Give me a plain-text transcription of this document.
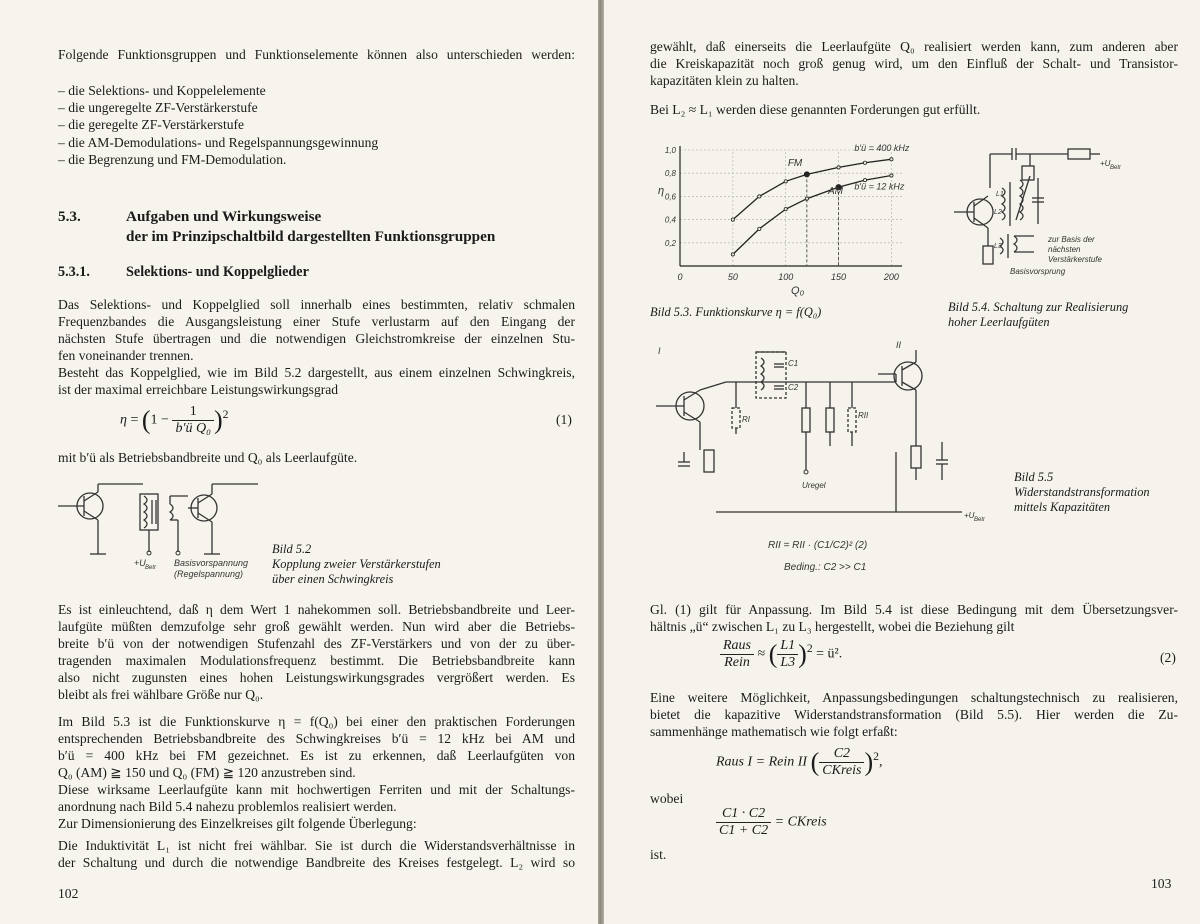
Folgende Funktionsgruppen und Funktionselemente können also unterschieden werden:

– die Selektions- und Koppelelemente
– die ungeregelte ZF-Verstärkerstufe
– die geregelte ZF-Verstärkerstufe
– die AM-Demodulations- und Regelspannungsgewinnung
– die Begrenzung und FM-Demodulation.
5.3.	Aufgaben und Wirkungsweise
der im Prinzipschaltbild dargestellten Funktionsgruppen
5.3.1.	Selektions- und Koppelglieder

Das Selektions- und Koppelglied soll innerhalb eines bestimmten, relativ schmalen

Frequenzbandes die Ausgangsleistung einer Stufe verlustarm auf den Eingang der

nächsten Stufe übertragen und die notwendigen Gleichstromkreise der einzelnen Stu-

fen voneinander trennen.

Besteht das Koppelglied, wie im Bild 5.2 dargestellt, aus einem einzelnen Schwingkreis,

ist der maximal erreichbare Leistungswirkungsgrad

$\eta = (1 - \frac{1}{\text{b′ü Q₀}} )^2$	(1)

mit b′ü als Betriebsbandbreite und Q₀ als Leerlaufgüte.

+U Betr Basisvorspannung
(Regelspannung)
Bild 5.2
Kopplung zweier Verstärkerstufen
über einen Schwingkreis

Es ist einleuchtend, daß η dem Wert 1 nahekommen soll. Betriebsbandbreite und Leer-

laufgüte müßten demzufolge sehr groß gewählt werden. Nun wird aber die Betriebs-

breite b′ü von der notwendigen Stufenzahl des ZF-Verstärkers und von der zu über-

tragenden maximalen Modulationsfrequenz bestimmt. Die Betriebsbandbreite kann

also nicht zugunsten eines hohen Leistungswirkungsgrades vergrößert werden. Es

bleibt als frei wählbare Größe nur Q₀.

Im Bild 5.3 ist die Funktionskurve η = f(Q₀) bei einer den praktischen Forderungen

entsprechenden Betriebsbandbreite des Schwingkreises b′ü = 12 kHz bei AM und

b′ü = 400 kHz bei FM gezeichnet. Es ist zu erkennen, daß Leerlaufgüten von

Q₀ (AM) ≧ 150 und Q₀ (FM) ≧ 120 anzustreben sind.

Diese wirksame Leerlaufgüte kann mit hochwertigen Ferriten und mit der Schaltungs-

anordnung nach Bild 5.4 nahezu problemlos realisiert werden.

Zur Dimensionierung des Einzelkreises gilt folgende Überlegung:

Die Induktivität L₁ ist nicht frei wählbar. Sie ist durch die Widerstandsverhältnisse in

der Schaltung und durch die notwendige Bandbreite des Kreises festgelegt. L₂ wird so

102

gewählt, daß einerseits die Leerlaufgüte Q₀ realisiert werden kann, zum anderen aber

die Kreiskapazität noch groß genug wird, um den Einfluß der Schalt- und Transistor-

kapazitäten klein zu halten.

Bei L₂ ≈ L₁ werden diese genannten Forderungen gut erfüllt.

0	50	100	150	200
0,2
0,4
0,6
0,8
1,0
η
Q₀
FM
AM
b′ü = 400 kHz
b′ü = 12 kHz
Bild 5.3. Funktionskurve η = f(Q₀)
+U Betr
L1
L2
L3
zur Basis der
nächsten
Verstärkerstufe
Basisvorsprung
Bild 5.4. Schaltung zur Realisierung
hoher Leerlaufgüten
I
II
C1
C2
RI	RII
Uregel
+U Betr
RII = RII · (C1/C2)² (2)
Beding.: C2 >> C1
Bild 5.5
Widerstandstransformation
mittels Kapazitäten

Gl. (1) gilt für Anpassung. Im Bild 5.4 ist diese Bedingung mit dem Übersetzungsver-

hältnis „ü“ zwischen L₁ zu L₃ hergestellt, wobei die Beziehung gilt

$\frac{\text{Raus}}{\text{Rein}}$ ≈ ( $\frac{L1}{L3} )^2$ = ü².	(2)

Eine weitere Möglichkeit, Anpassungsbedingungen schaltungstechnisch zu realisieren,

bietet die kapazitive Widerstandstransformation (Bild 5.5). Hier werden die Zu-

sammenhänge mathematisch wie folgt erfaßt:

Raus I = Rein II ( $\frac{C2}{\text{CKreis}} )^2$,

wobei

$\frac{C1 \cdot C2}{C1 + C2}$ = CKreis

ist.

103
